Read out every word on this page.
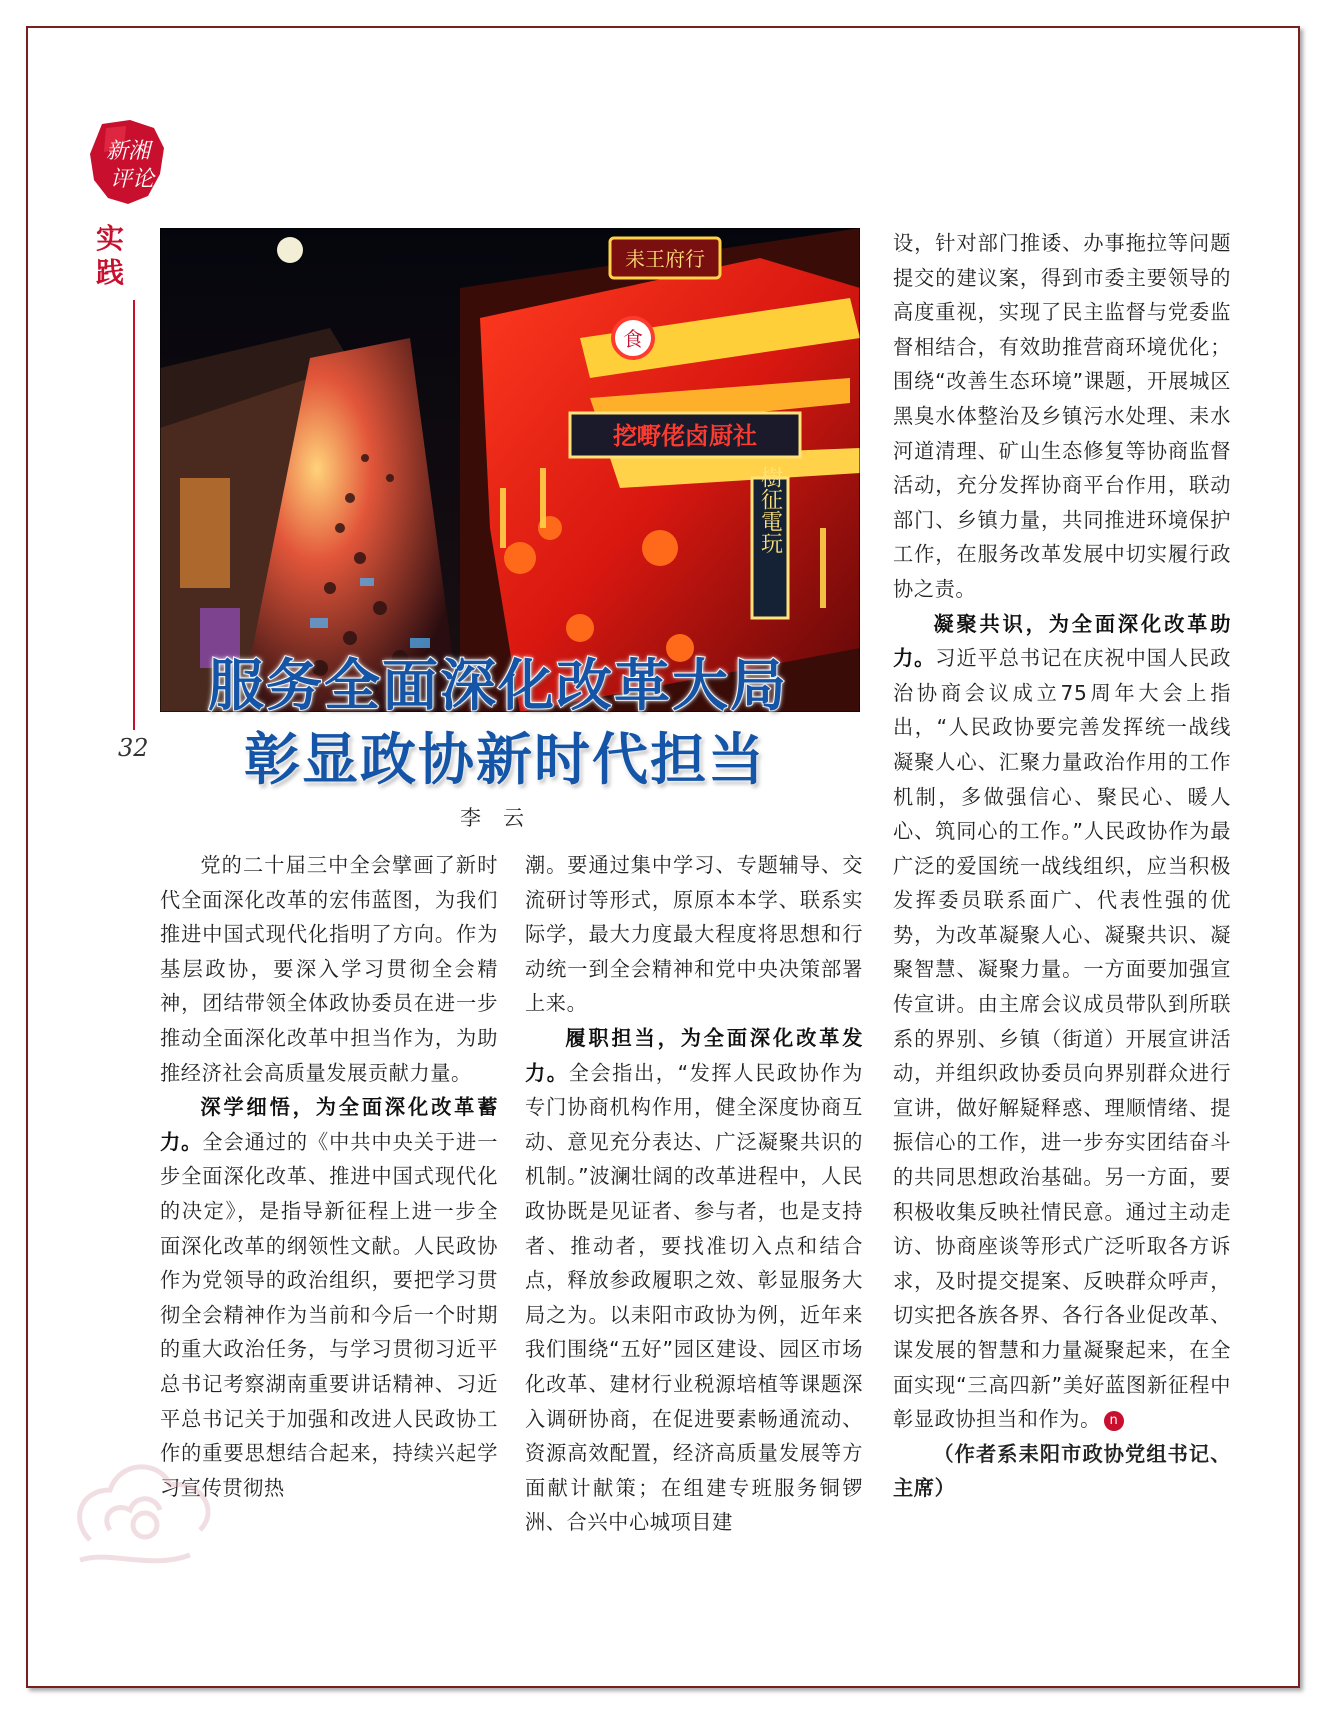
新湘
评论
实践
32
耒王府行
挖嘢佬卤厨社
食
樹征電玩
服务全面深化改革大局
彰显政协新时代担当
李云

党的二十届三中全会擘画了新时代全面深化改革的宏伟蓝图，为我们推进中国式现代化指明了方向。作为基层政协，要深入学习贯彻全会精神，团结带领全体政协委员在进一步推动全面深化改革中担当作为，为助推经济社会高质量发展贡献力量。

深学细悟，为全面深化改革蓄力。全会通过的《中共中央关于进一步全面深化改革、推进中国式现代化的决定》，是指导新征程上进一步全面深化改革的纲领性文献。人民政协作为党领导的政治组织，要把学习贯彻全会精神作为当前和今后一个时期的重大政治任务，与学习贯彻习近平总书记考察湖南重要讲话精神、习近平总书记关于加强和改进人民政协工作的重要思想结合起来，持续兴起学习宣传贯彻热

潮。要通过集中学习、专题辅导、交流研讨等形式，原原本本学、联系实际学，最大力度最大程度将思想和行动统一到全会精神和党中央决策部署上来。

履职担当，为全面深化改革发力。全会指出，“发挥人民政协作为专门协商机构作用，健全深度协商互动、意见充分表达、广泛凝聚共识的机制。”波澜壮阔的改革进程中，人民政协既是见证者、参与者，也是支持者、推动者，要找准切入点和结合点，释放参政履职之效、彰显服务大局之为。以耒阳市政协为例，近年来我们围绕“五好”园区建设、园区市场化改革、建材行业税源培植等课题深入调研协商，在促进要素畅通流动、资源高效配置，经济高质量发展等方面献计献策；在组建专班服务铜锣洲、合兴中心城项目建

设，针对部门推诿、办事拖拉等问题提交的建议案，得到市委主要领导的高度重视，实现了民主监督与党委监督相结合，有效助推营商环境优化；围绕“改善生态环境”课题，开展城区黑臭水体整治及乡镇污水处理、耒水河道清理、矿山生态修复等协商监督活动，充分发挥协商平台作用，联动部门、乡镇力量，共同推进环境保护工作，在服务改革发展中切实履行政协之责。

凝聚共识，为全面深化改革助力。习近平总书记在庆祝中国人民政治协商会议成立75周年大会上指出，“人民政协要完善发挥统一战线凝聚人心、汇聚力量政治作用的工作机制，多做强信心、聚民心、暖人心、筑同心的工作。”人民政协作为最广泛的爱国统一战线组织，应当积极发挥委员联系面广、代表性强的优势，为改革凝聚人心、凝聚共识、凝聚智慧、凝聚力量。一方面要加强宣传宣讲。由主席会议成员带队到所联系的界别、乡镇（街道）开展宣讲活动，并组织政协委员向界别群众进行宣讲，做好解疑释惑、理顺情绪、提振信心的工作，进一步夯实团结奋斗的共同思想政治基础。另一方面，要积极收集反映社情民意。通过主动走访、协商座谈等形式广泛听取各方诉求，及时提交提案、反映群众呼声，切实把各族各界、各行各业促改革、谋发展的智慧和力量凝聚起来，在全面实现“三高四新”美好蓝图新征程中彰显政协担当和作为。 n

（作者系耒阳市政协党组书记、主席）
